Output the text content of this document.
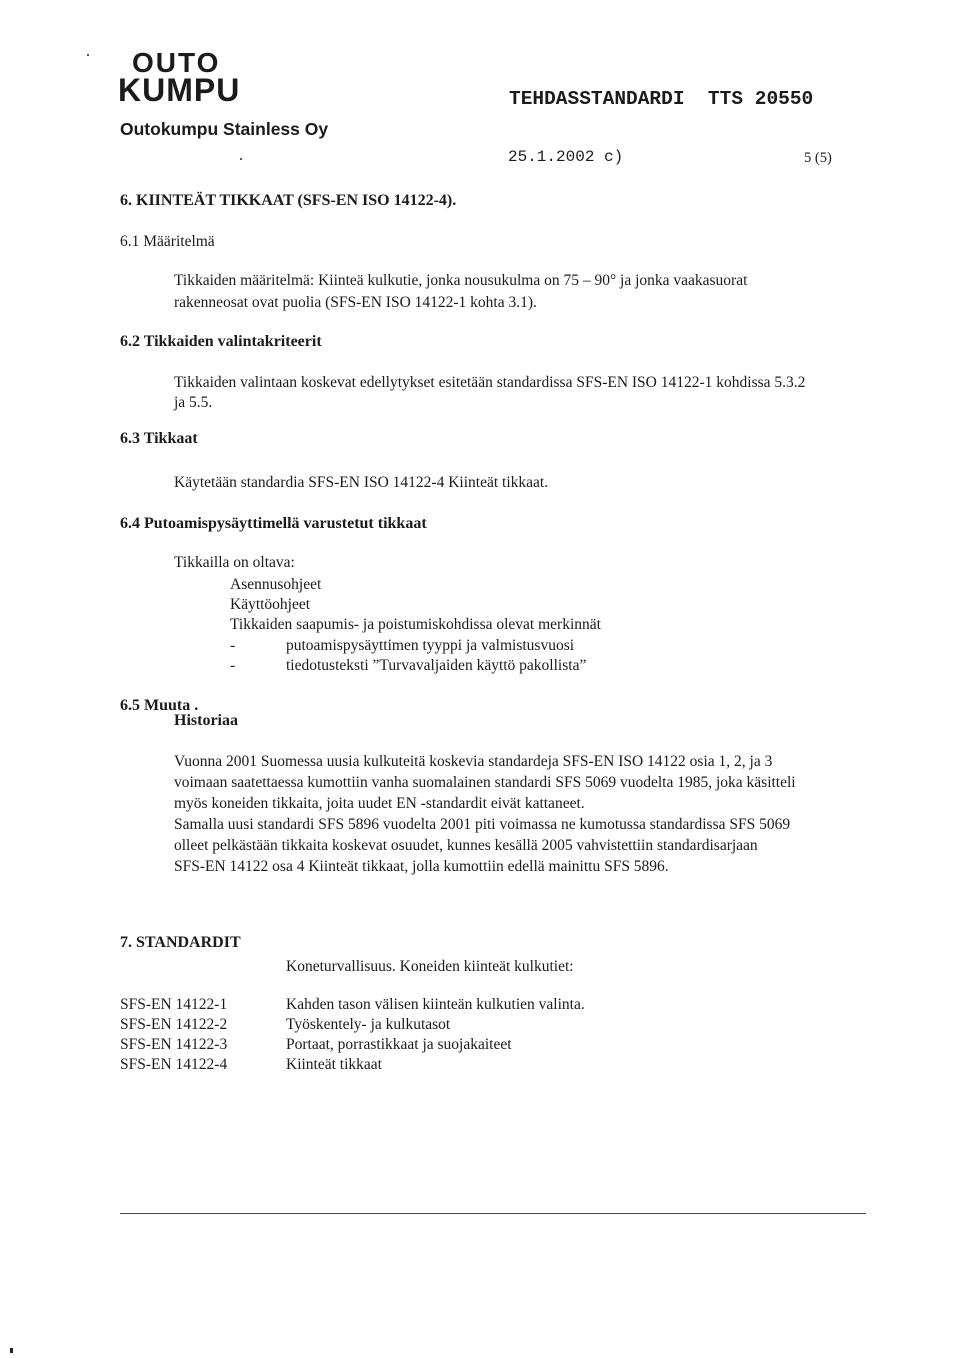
OUTO
KUMPU
Outokumpu Stainless Oy
TEHDASSTANDARDI  TTS 20550
25.1.2002 c)	5 (5)
6. KIINTEÄT TIKKAAT (SFS-EN ISO 14122-4).
6.1 Määritelmä
Tikkaiden määritelmä: Kiinteä kulkutie, jonka nousukulma on 75 – 90° ja jonka vaakasuorat
rakenneosat ovat puolia (SFS-EN ISO 14122-1 kohta 3.1).
6.2 Tikkaiden valintakriteerit
Tikkaiden valintaan koskevat edellytykset esitetään standardissa SFS-EN ISO 14122-1 kohdissa 5.3.2
ja 5.5.
6.3 Tikkaat
Käytetään standardia SFS-EN ISO 14122-4 Kiinteät tikkaat.
6.4 Putoamispysäyttimellä varustetut tikkaat
Tikkailla on oltava:
Asennusohjeet
Käyttöohjeet
Tikkaiden saapumis- ja poistumiskohdissa olevat merkinnät
-	putoamispysäyttimen tyyppi ja valmistusvuosi
-	tiedotusteksti ”Turvavaljaiden käyttö pakollista”
6.5 Muuta .
Historiaa
Vuonna 2001 Suomessa uusia kulkuteitä koskevia standardeja SFS-EN ISO 14122 osia 1, 2, ja 3
voimaan saatettaessa kumottiin vanha suomalainen standardi SFS 5069 vuodelta 1985, joka käsitteli
myös koneiden tikkaita, joita uudet EN -standardit eivät kattaneet.
Samalla uusi standardi SFS 5896 vuodelta 2001 piti voimassa ne kumotussa standardissa SFS 5069
olleet pelkästään tikkaita koskevat osuudet, kunnes kesällä 2005 vahvistettiin standardisarjaan
SFS-EN 14122 osa 4 Kiinteät tikkaat, jolla kumottiin edellä mainittu SFS 5896.
7. STANDARDIT
Koneturvallisuus. Koneiden kiinteät kulkutiet:
SFS-EN 14122-1	Kahden tason välisen kiinteän kulkutien valinta.
SFS-EN 14122-2	Työskentely- ja kulkutasot
SFS-EN 14122-3	Portaat, porrastikkaat ja suojakaiteet
SFS-EN 14122-4	Kiinteät tikkaat
